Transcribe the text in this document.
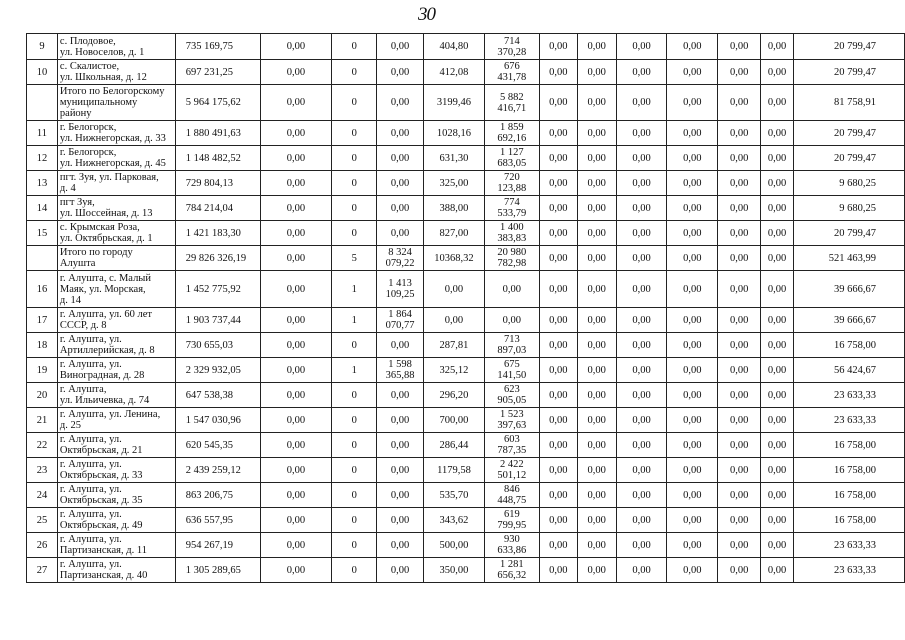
30
9	с. Плодовое,
ул. Новоселов, д. 1	735 169,75	0,00	0	0,00	404,80	714
370,28	0,00	0,00	0,00	0,00	0,00	0,00	20 799,47
10	с. Скалистое,
ул. Школьная, д. 12	697 231,25	0,00	0	0,00	412,08	676
431,78	0,00	0,00	0,00	0,00	0,00	0,00	20 799,47
	Итого по Белогорскому
муниципальному
району	5 964 175,62	0,00	0	0,00	3199,46	5 882
416,71	0,00	0,00	0,00	0,00	0,00	0,00	81 758,91
11	г. Белогорск,
ул. Нижнегорская, д. 33	1 880 491,63	0,00	0	0,00	1028,16	1 859
692,16	0,00	0,00	0,00	0,00	0,00	0,00	20 799,47
12	г. Белогорск,
ул. Нижнегорская, д. 45	1 148 482,52	0,00	0	0,00	631,30	1 127
683,05	0,00	0,00	0,00	0,00	0,00	0,00	20 799,47
13	пгт. Зуя, ул. Парковая,
д. 4	729 804,13	0,00	0	0,00	325,00	720
123,88	0,00	0,00	0,00	0,00	0,00	0,00	9 680,25
14	пгт Зуя,
ул. Шоссейная, д. 13	784 214,04	0,00	0	0,00	388,00	774
533,79	0,00	0,00	0,00	0,00	0,00	0,00	9 680,25
15	с. Крымская Роза,
ул. Октябрьская, д. 1	1 421 183,30	0,00	0	0,00	827,00	1 400
383,83	0,00	0,00	0,00	0,00	0,00	0,00	20 799,47
	Итого по городу
Алушта	29 826 326,19	0,00	5	8 324
079,22	10368,32	20 980
782,98	0,00	0,00	0,00	0,00	0,00	0,00	521 463,99
16	г. Алушта, с. Малый
Маяк, ул. Морская,
д. 14	1 452 775,92	0,00	1	1 413
109,25	0,00	0,00	0,00	0,00	0,00	0,00	0,00	0,00	39 666,67
17	г. Алушта, ул. 60 лет
СССР, д. 8	1 903 737,44	0,00	1	1 864
070,77	0,00	0,00	0,00	0,00	0,00	0,00	0,00	0,00	39 666,67
18	г. Алушта, ул.
Артиллерийская, д. 8	730 655,03	0,00	0	0,00	287,81	713
897,03	0,00	0,00	0,00	0,00	0,00	0,00	16 758,00
19	г. Алушта, ул.
Виноградная, д. 28	2 329 932,05	0,00	1	1 598
365,88	325,12	675
141,50	0,00	0,00	0,00	0,00	0,00	0,00	56 424,67
20	г. Алушта,
ул. Ильичевка, д. 74	647 538,38	0,00	0	0,00	296,20	623
905,05	0,00	0,00	0,00	0,00	0,00	0,00	23 633,33
21	г. Алушта, ул. Ленина,
д. 25	1 547 030,96	0,00	0	0,00	700,00	1 523
397,63	0,00	0,00	0,00	0,00	0,00	0,00	23 633,33
22	г. Алушта, ул.
Октябрьская, д. 21	620 545,35	0,00	0	0,00	286,44	603
787,35	0,00	0,00	0,00	0,00	0,00	0,00	16 758,00
23	г. Алушта, ул.
Октябрьская, д. 33	2 439 259,12	0,00	0	0,00	1179,58	2 422
501,12	0,00	0,00	0,00	0,00	0,00	0,00	16 758,00
24	г. Алушта, ул.
Октябрьская, д. 35	863 206,75	0,00	0	0,00	535,70	846
448,75	0,00	0,00	0,00	0,00	0,00	0,00	16 758,00
25	г. Алушта, ул.
Октябрьская, д. 49	636 557,95	0,00	0	0,00	343,62	619
799,95	0,00	0,00	0,00	0,00	0,00	0,00	16 758,00
26	г. Алушта, ул.
Партизанская, д. 11	954 267,19	0,00	0	0,00	500,00	930
633,86	0,00	0,00	0,00	0,00	0,00	0,00	23 633,33
27	г. Алушта, ул.
Партизанская, д. 40	1 305 289,65	0,00	0	0,00	350,00	1 281
656,32	0,00	0,00	0,00	0,00	0,00	0,00	23 633,33
